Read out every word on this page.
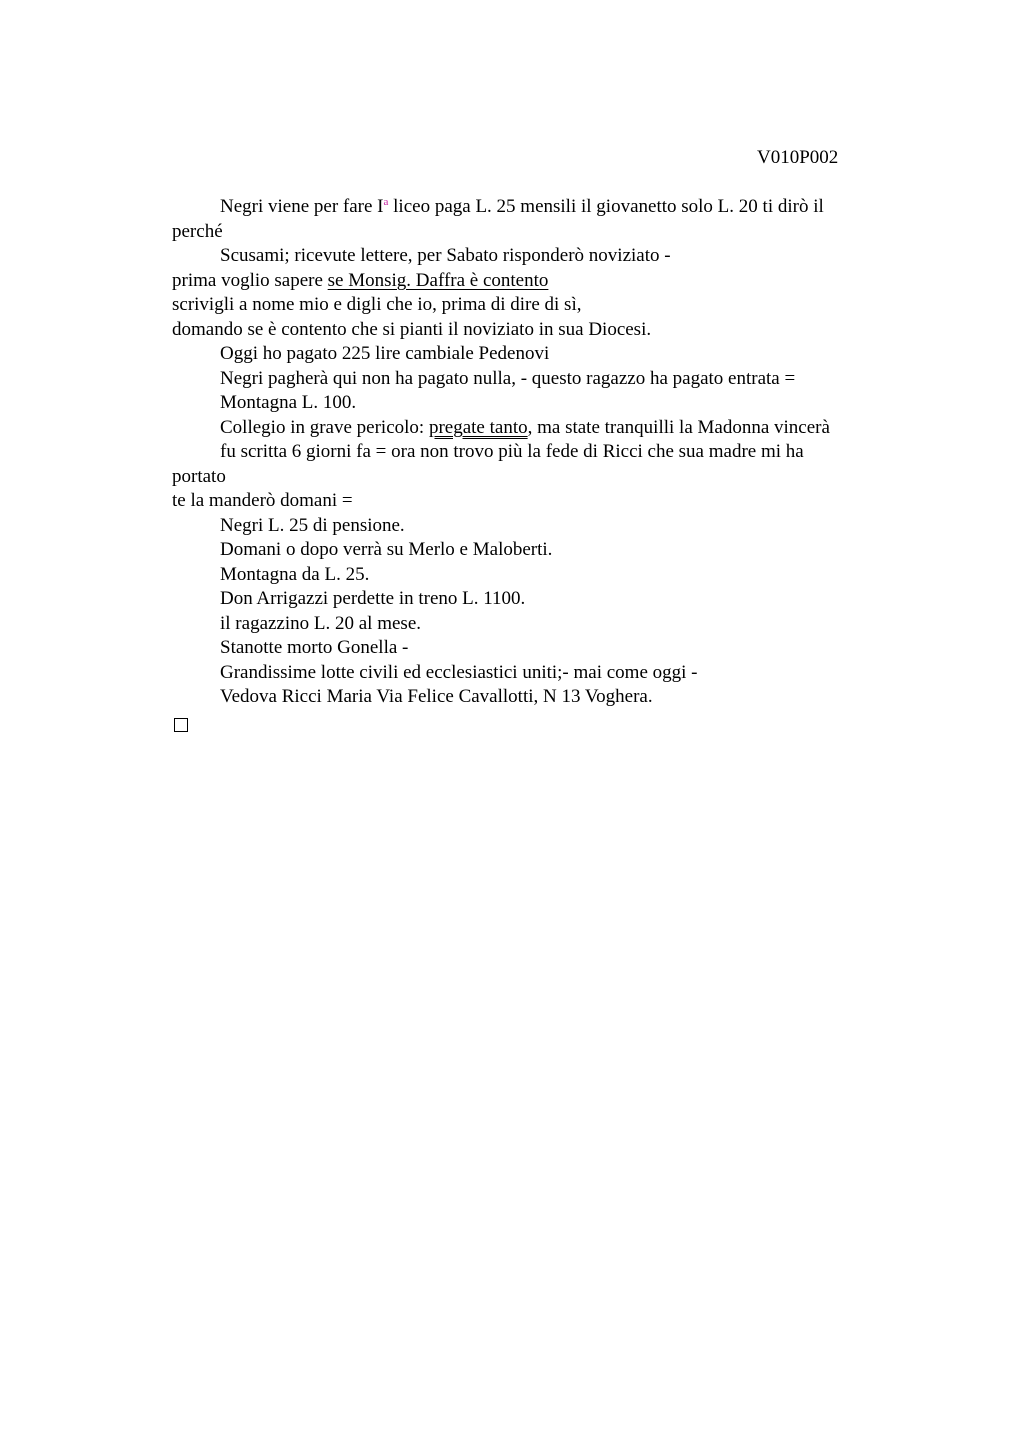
V010P002
Negri viene per fare $I^a$ liceo paga L. 25 mensili il giovanetto solo L. 20 ti dirò il
perché
Scusami; ricevute lettere, per Sabato risponderò noviziato -
prima voglio sapere se Monsig. Daffra è contento
scrivigli a nome mio e digli che io, prima di dire di sì,
domando se è contento che si pianti il noviziato in sua Diocesi.
Oggi ho pagato 225 lire cambiale Pedenovi
Negri pagherà qui non ha pagato nulla, - questo ragazzo ha pagato entrata =
Montagna L. 100.
Collegio in grave pericolo: pregate tanto, ma state tranquilli la Madonna vincerà
fu scritta 6 giorni fa = ora non trovo più la fede di Ricci che sua madre mi ha
portato
te la manderò domani =
Negri L. 25 di pensione.
Domani o dopo verrà su Merlo e Maloberti.
Montagna da L. 25.
Don Arrigazzi perdette in treno L. 1100.
il ragazzino L. 20 al mese.
Stanotte morto Gonella -
Grandissime lotte civili ed ecclesiastici uniti;- mai come oggi -
Vedova Ricci Maria Via Felice Cavallotti, N 13 Voghera.
